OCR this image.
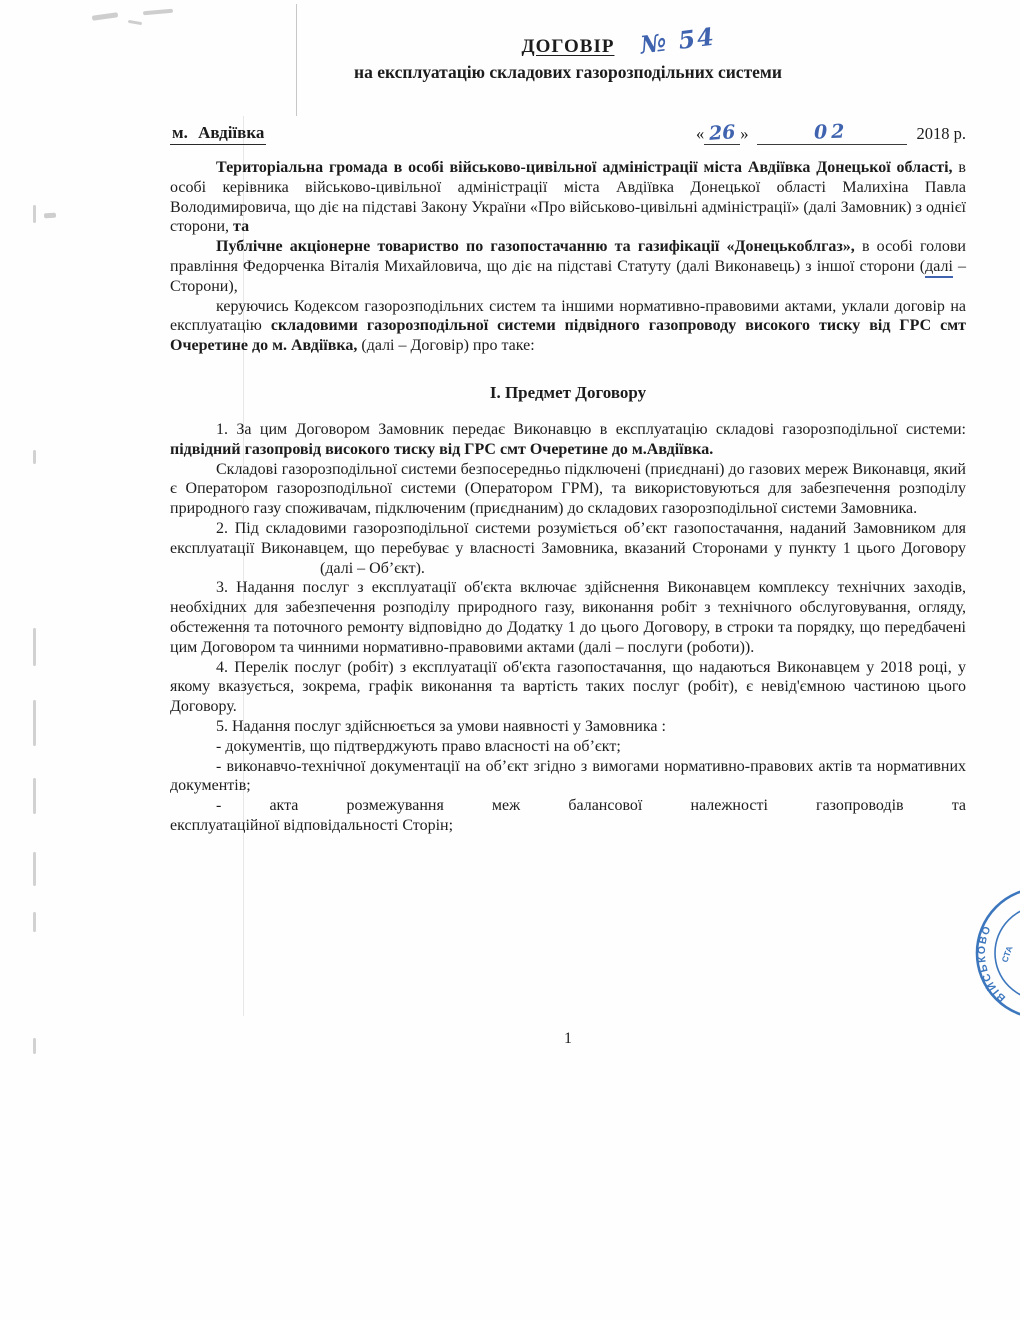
ДОГОВІР № 54
на експлуатацію складових газорозподільних системи
м. Авдіївка	« 26 »	02	2018 р.

Територіальна громада в особі військово-цивільної адміністрації міста Авдіївка Донецької області, в особі керівника військово-цивільної адміністрації міста Авдіївка Донецької області Малихіна Павла Володимировича, що діє на підставі Закону України «Про військово-цивільні адміністрації» (далі Замовник) з однієї сторони, та

Публічне акціонерне товариство по газопостачанню та газифікації «Донецькоблгаз», в особі голови правління Федорченка Віталія Михайловича, що діє на підставі Статуту (далі Виконавець) з іншої сторони (далі – Сторони),

керуючись Кодексом газорозподільних систем та іншими нормативно-правовими актами, уклали договір на експлуатацію складовими газорозподільної системи підвідного газопроводу високого тиску від ГРС смт Очеретине до м. Авдіївка, (далі – Договір) про таке:

І. Предмет Договору

1. За цим Договором Замовник передає Виконавцю в експлуатацію складові газорозподільної системи: підвідний газопровід високого тиску від ГРС смт Очеретине до м.Авдіївка.

Складові газорозподільної системи безпосередньо підключені (приєднані) до газових мереж Виконавця, який є Оператором газорозподільної системи (Оператором ГРМ), та використовуються для забезпечення розподілу природного газу споживачам, підключеним (приєднаним) до складових газорозподільної системи Замовника.

2. Під складовими газорозподільної системи розуміється об’єкт газопостачання, наданий Замовником для експлуатації Виконавцем, що перебуває у власності Замовника, вказаний Сторонами у пункту 1 цього Договору (далі – Об’єкт).

3. Надання послуг з експлуатації об'єкта включає здійснення Виконавцем комплексу технічних заходів, необхідних для забезпечення розподілу природного газу, виконання робіт з технічного обслуговування, огляду, обстеження та поточного ремонту відповідно до Додатку 1 до цього Договору, в строки та порядку, що передбачені цим Договором та чинними нормативно-правовими актами (далі – послуги (роботи)).

4. Перелік послуг (робіт) з експлуатації об'єкта газопостачання, що надаються Виконавцем у 2018 році, у якому вказується, зокрема, графік виконання та вартість таких послуг (робіт), є невід'ємною частиною цього Договору.

5. Надання послуг здійснюється за умови наявності у Замовника :

- документів, що підтверджують право власності на об’єкт;

- виконавчо-технічної документації на об’єкт згідно з вимогами нормативно-правових актів та нормативних документів;

- акта розмежування меж балансової належності газопроводів та
експлуатаційної відповідальності Сторін;

1
ВІЙСЬКОВО
СТА
